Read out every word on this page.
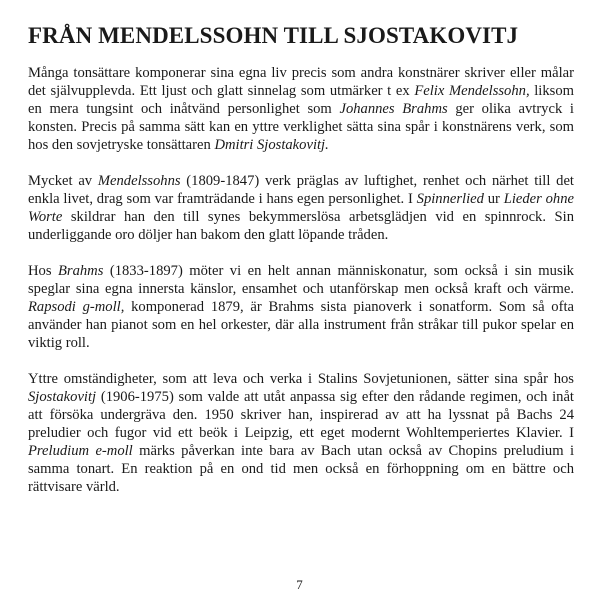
FRÅN MENDELSSOHN TILL SJOSTAKOVITJ

Många tonsättare komponerar sina egna liv precis som andra konstnärer skriver eller målar det självupplevda. Ett ljust och glatt sinnelag som utmärker t ex Felix Mendelssohn, liksom en mera tungsint och inåtvänd personlighet som Johannes Brahms ger olika avtryck i konsten. Precis på samma sätt kan en yttre verklighet sätta sina spår i konstnärens verk, som hos den sovjetryske tonsättaren Dmitri Sjostakovitj.

Mycket av Mendelssohns (1809-1847) verk präglas av luftighet, renhet och närhet till det enkla livet, drag som var framträdande i hans egen personlighet. I Spinnerlied ur Lieder ohne Worte skildrar han den till synes bekymmerslösa arbetsglädjen vid en spinnrock. Sin underliggande oro döljer han bakom den glatt löpande tråden.

Hos Brahms (1833-1897) möter vi en helt annan människonatur, som också i sin musik speglar sina egna innersta känslor, ensamhet och utanförskap men också kraft och värme. Rapsodi g-moll, komponerad 1879, är Brahms sista pianoverk i sonatform. Som så ofta använder han pianot som en hel orkester, där alla instrument från stråkar till pukor spelar en viktig roll.

Yttre omständigheter, som att leva och verka i Stalins Sovjetunionen, sätter sina spår hos Sjostakovitj (1906-1975) som valde att utåt anpassa sig efter den rådande regimen, och inåt att försöka undergräva den. 1950 skriver han, inspirerad av att ha lyssnat på Bachs 24 preludier och fugor vid ett beök i Leipzig, ett eget modernt Wohltemperiertes Klavier. I Preludium e-moll märks påverkan inte bara av Bach utan också av Chopins preludium i samma tonart. En reaktion på en ond tid men också en förhoppning om en bättre och rättvisare värld.

7
